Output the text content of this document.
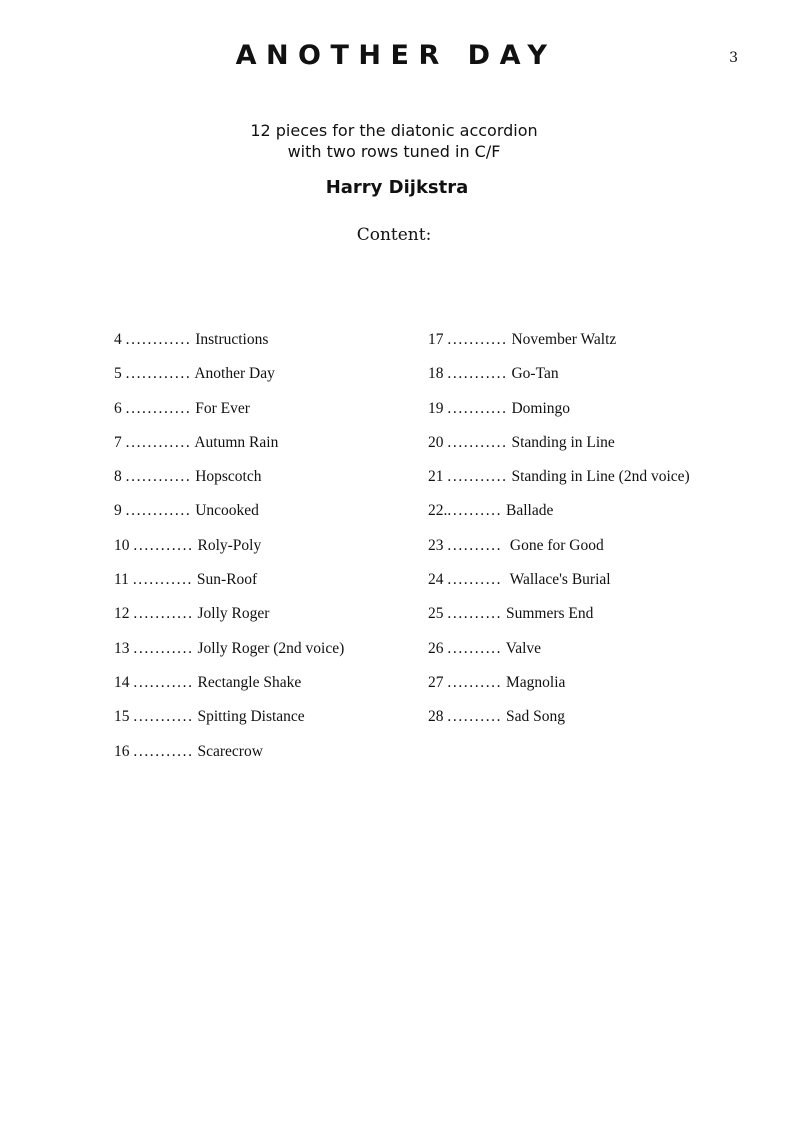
ANOTHER DAY	3
12 pieces for the diatonic accordion
with two rows tuned in C/F
Harry Dijkstra
Content:
4 ............ Instructions
5 ............ Another Day
6 ............ For Ever
7 ............ Autumn Rain
8 ............ Hopscotch
9 ............ Uncooked
10 ........... Roly-Poly
11 ........... Sun-Roof
12 ........... Jolly Roger
13 ........... Jolly Roger (2nd voice)
14 ........... Rectangle Shake
15 ........... Spitting Distance
16 ........... Scarecrow
17 ........... November Waltz
18 ........... Go-Tan
19 ........... Domingo
20 ........... Standing in Line
21 ........... Standing in Line (2nd voice)
22........... Ballade
23 .......... Gone for Good
24 .......... Wallace's Burial
25 .......... Summers End
26 .......... Valve
27 .......... Magnolia
28 .......... Sad Song
